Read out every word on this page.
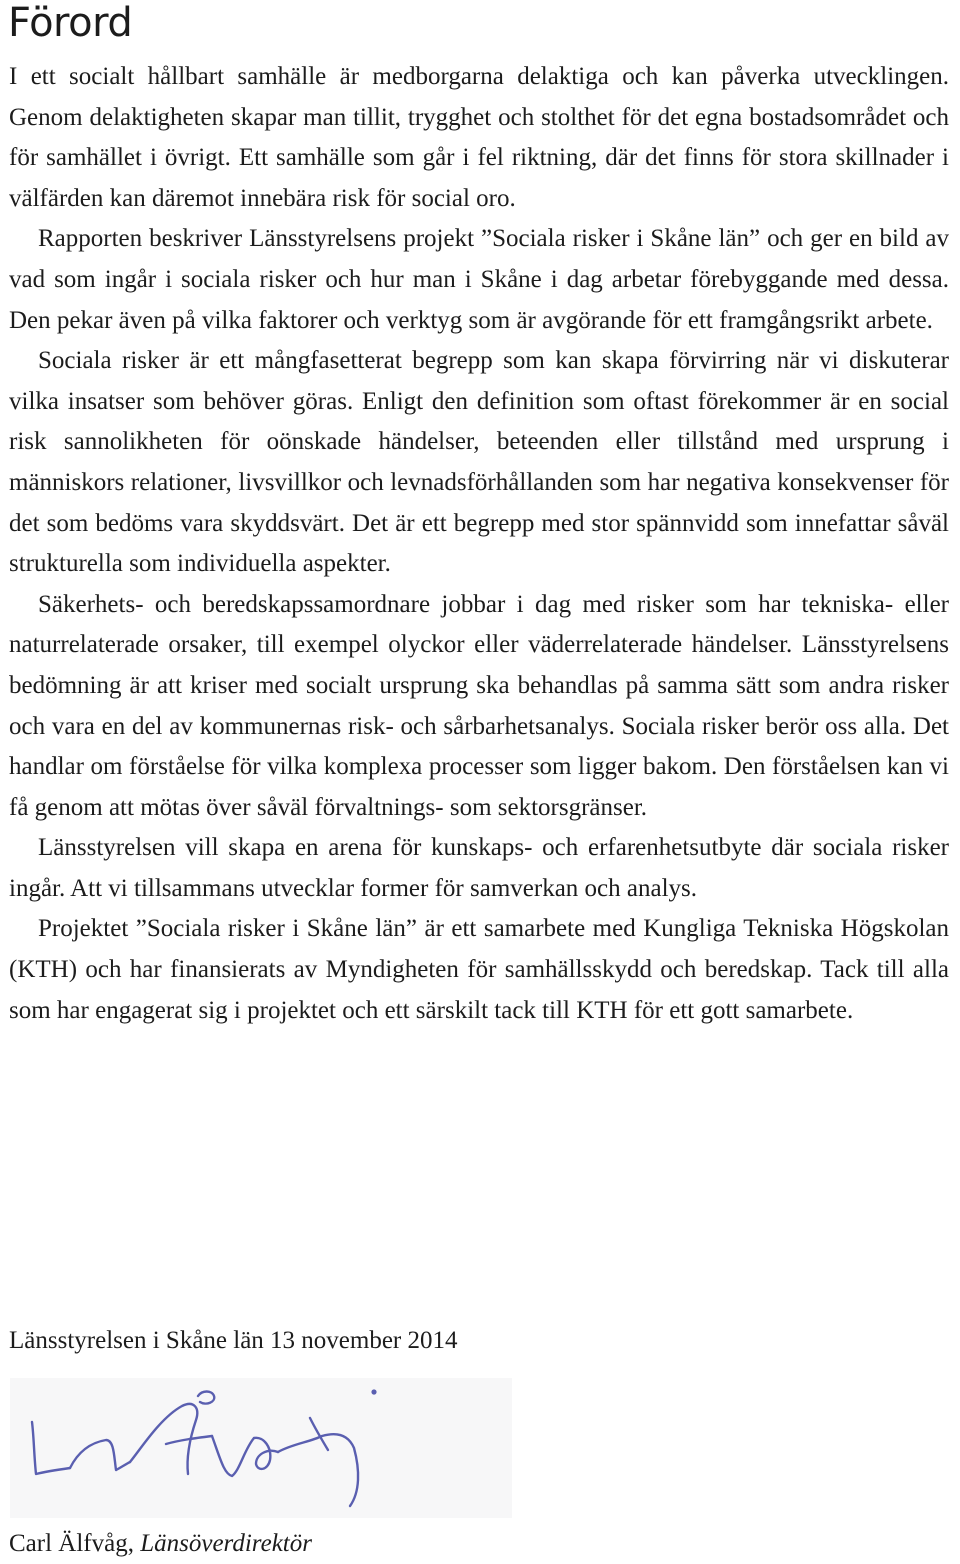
Förord

I ett socialt hållbart samhälle är medborgarna delaktiga och kan påverka utvecklingen. Genom delaktigheten skapar man tillit, trygghet och stolthet för det egna bostadsområdet och för samhället i övrigt. Ett samhälle som går i fel riktning, där det finns för stora skillnader i välfärden kan däremot innebära risk för social oro.

Rapporten beskriver Länsstyrelsens projekt ”Sociala risker i Skåne län” och ger en bild av vad som ingår i sociala risker och hur man i Skåne i dag arbetar förebyggande med dessa. Den pekar även på vilka faktorer och verktyg som är avgörande för ett framgångsrikt arbete.

Sociala risker är ett mångfasetterat begrepp som kan skapa förvirring när vi diskuterar vilka insatser som behöver göras. Enligt den definition som oftast förekommer är en social risk sannolikheten för oönskade händelser, beteenden eller tillstånd med ursprung i människors relationer, livsvillkor och levnadsförhållanden som har negativa konsekvenser för det som bedöms vara skyddsvärt. Det är ett begrepp med stor spännvidd som innefattar såväl strukturella som individuella aspekter.

Säkerhets- och beredskapssamordnare jobbar i dag med risker som har tekniska- eller naturrelaterade orsaker, till exempel olyckor eller väderrelaterade händelser. Länsstyrelsens bedömning är att kriser med socialt ursprung ska behandlas på samma sätt som andra risker och vara en del av kommunernas risk- och sårbarhetsanalys. Sociala risker berör oss alla. Det handlar om förståelse för vilka komplexa processer som ligger bakom. Den förståelsen kan vi få genom att mötas över såväl förvaltnings- som sektorsgränser.

Länsstyrelsen vill skapa en arena för kunskaps- och erfarenhetsutbyte där sociala risker ingår. Att vi tillsammans utvecklar former för samverkan och analys.

Projektet ”Sociala risker i Skåne län” är ett samarbete med Kungliga Tekniska Högskolan (KTH) och har finansierats av Myndigheten för samhällsskydd och beredskap. Tack till alla som har engagerat sig i projektet och ett särskilt tack till KTH för ett gott samarbete.

Länsstyrelsen i Skåne län 13 november 2014

Carl Älfvåg, Länsöverdirektör
